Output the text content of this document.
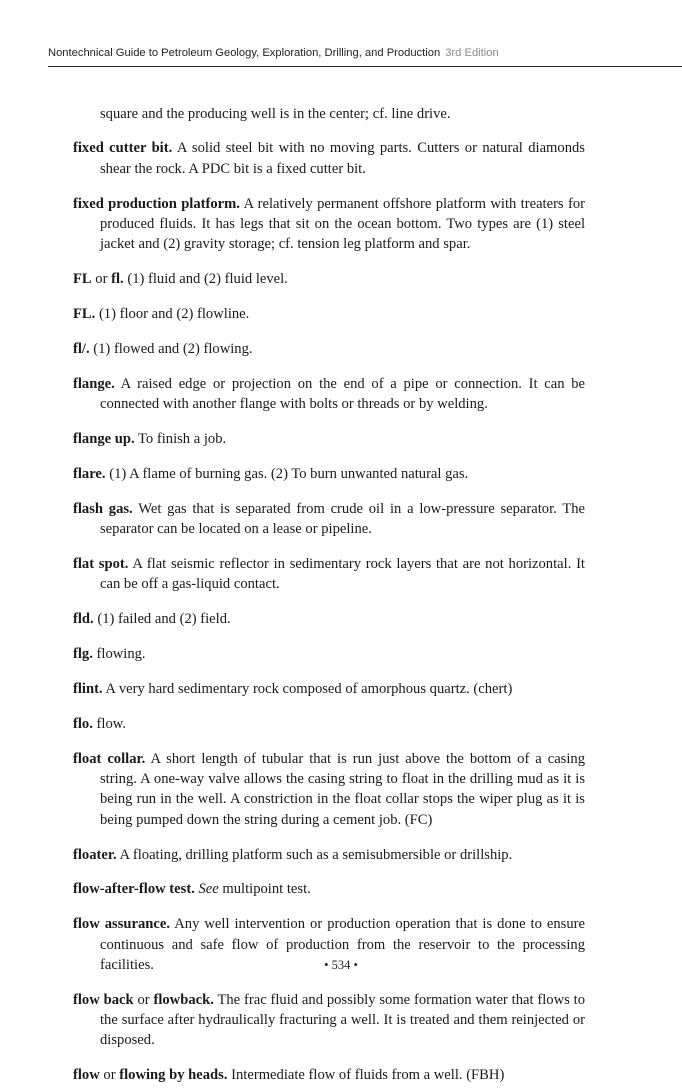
Nontechnical Guide to Petroleum Geology, Exploration, Drilling, and Production 3rd Edition

square and the producing well is in the center; cf. line drive.

fixed cutter bit. A solid steel bit with no moving parts. Cutters or natural diamonds shear the rock. A PDC bit is a fixed cutter bit.

fixed production platform. A relatively permanent offshore platform with treaters for produced fluids. It has legs that sit on the ocean bottom. Two types are (1) steel jacket and (2) gravity storage; cf. tension leg platform and spar.

FL or fl. (1) fluid and (2) fluid level.

FL. (1) floor and (2) flowline.

fl/. (1) flowed and (2) flowing.

flange. A raised edge or projection on the end of a pipe or connection. It can be connected with another flange with bolts or threads or by welding.

flange up. To finish a job.

flare. (1) A flame of burning gas. (2) To burn unwanted natural gas.

flash gas. Wet gas that is separated from crude oil in a low-pressure separator. The separator can be located on a lease or pipeline.

flat spot. A flat seismic reflector in sedimentary rock layers that are not horizontal. It can be off a gas-liquid contact.

fld. (1) failed and (2) field.

flg. flowing.

flint. A very hard sedimentary rock composed of amorphous quartz. (chert)

flo. flow.

float collar. A short length of tubular that is run just above the bottom of a casing string. A one-way valve allows the casing string to float in the drilling mud as it is being run in the well. A constriction in the float collar stops the wiper plug as it is being pumped down the string during a cement job. (FC)

floater. A floating, drilling platform such as a semisubmersible or drillship.

flow-after-flow test. See multipoint test.

flow assurance. Any well intervention or production operation that is done to ensure continuous and safe flow of production from the reservoir to the processing facilities.

flow back or flowback. The frac fluid and possibly some formation water that flows to the surface after hydraulically fracturing a well. It is treated and them reinjected or disposed.

flow or flowing by heads. Intermediate flow of fluids from a well. (FBH)

• 534 •
